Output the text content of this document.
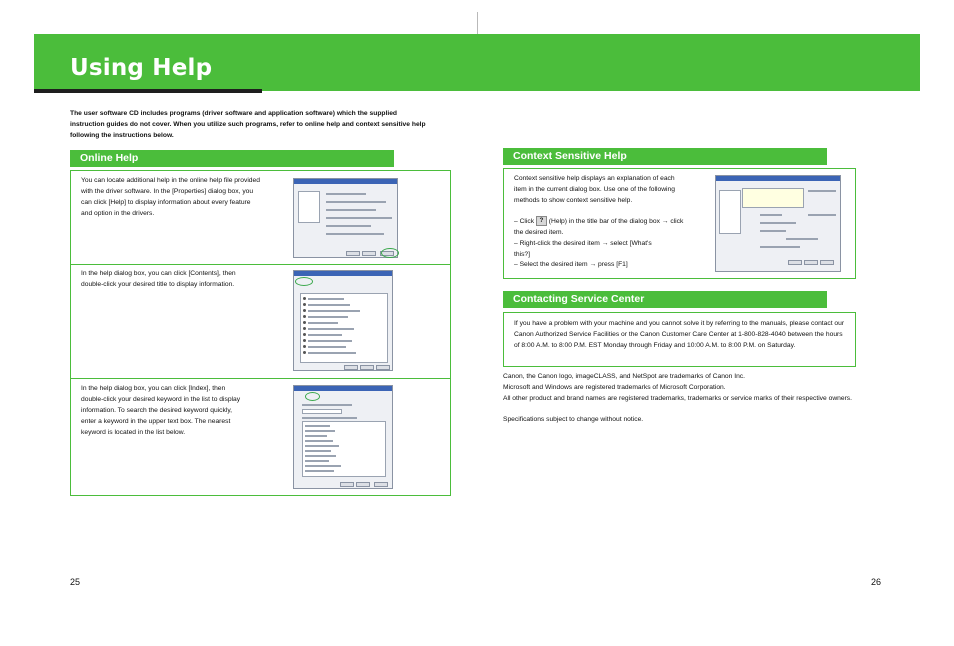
Using Help

The user software CD includes programs (driver software and application software) which the supplied instruction guides do not cover. When you utilize such programs, refer to online help and context sensitive help following the instructions below.

Online Help

You can locate additional help in the online help file provided with the driver software. In the [Properties] dialog box, you can click [Help] to display information about every feature and option in the drivers.

In the help dialog box, you can click [Contents], then double-click your desired title to display information.

In the help dialog box, you can click [Index], then double-click your desired keyword in the list to display information. To search the desired keyword quickly, enter a keyword in the upper text box. The nearest keyword is located in the list below.

Context Sensitive Help

Context sensitive help displays an explanation of each item in the current dialog box. Use one of the following methods to show context sensitive help.

– Click ? (Help) in the title bar of the dialog box → click the desired item.

– Right-click the desired item → select [What's this?]

– Select the desired item → press [F1]

Contacting Service Center

If you have a problem with your machine and you cannot solve it by referring to the manuals, please contact our Canon Authorized Service Facilities or the Canon Customer Care Center at 1-800-828-4040 between the hours of 8:00 A.M. to 8:00 P.M. EST Monday through Friday and 10:00 A.M. to 8:00 P.M. on Saturday.

Canon, the Canon logo, imageCLASS, and NetSpot are trademarks of Canon Inc.
Microsoft and Windows are registered trademarks of Microsoft Corporation.
All other product and brand names are registered trademarks, trademarks or service marks of their respective owners.
Specifications subject to change without notice.
25	26
